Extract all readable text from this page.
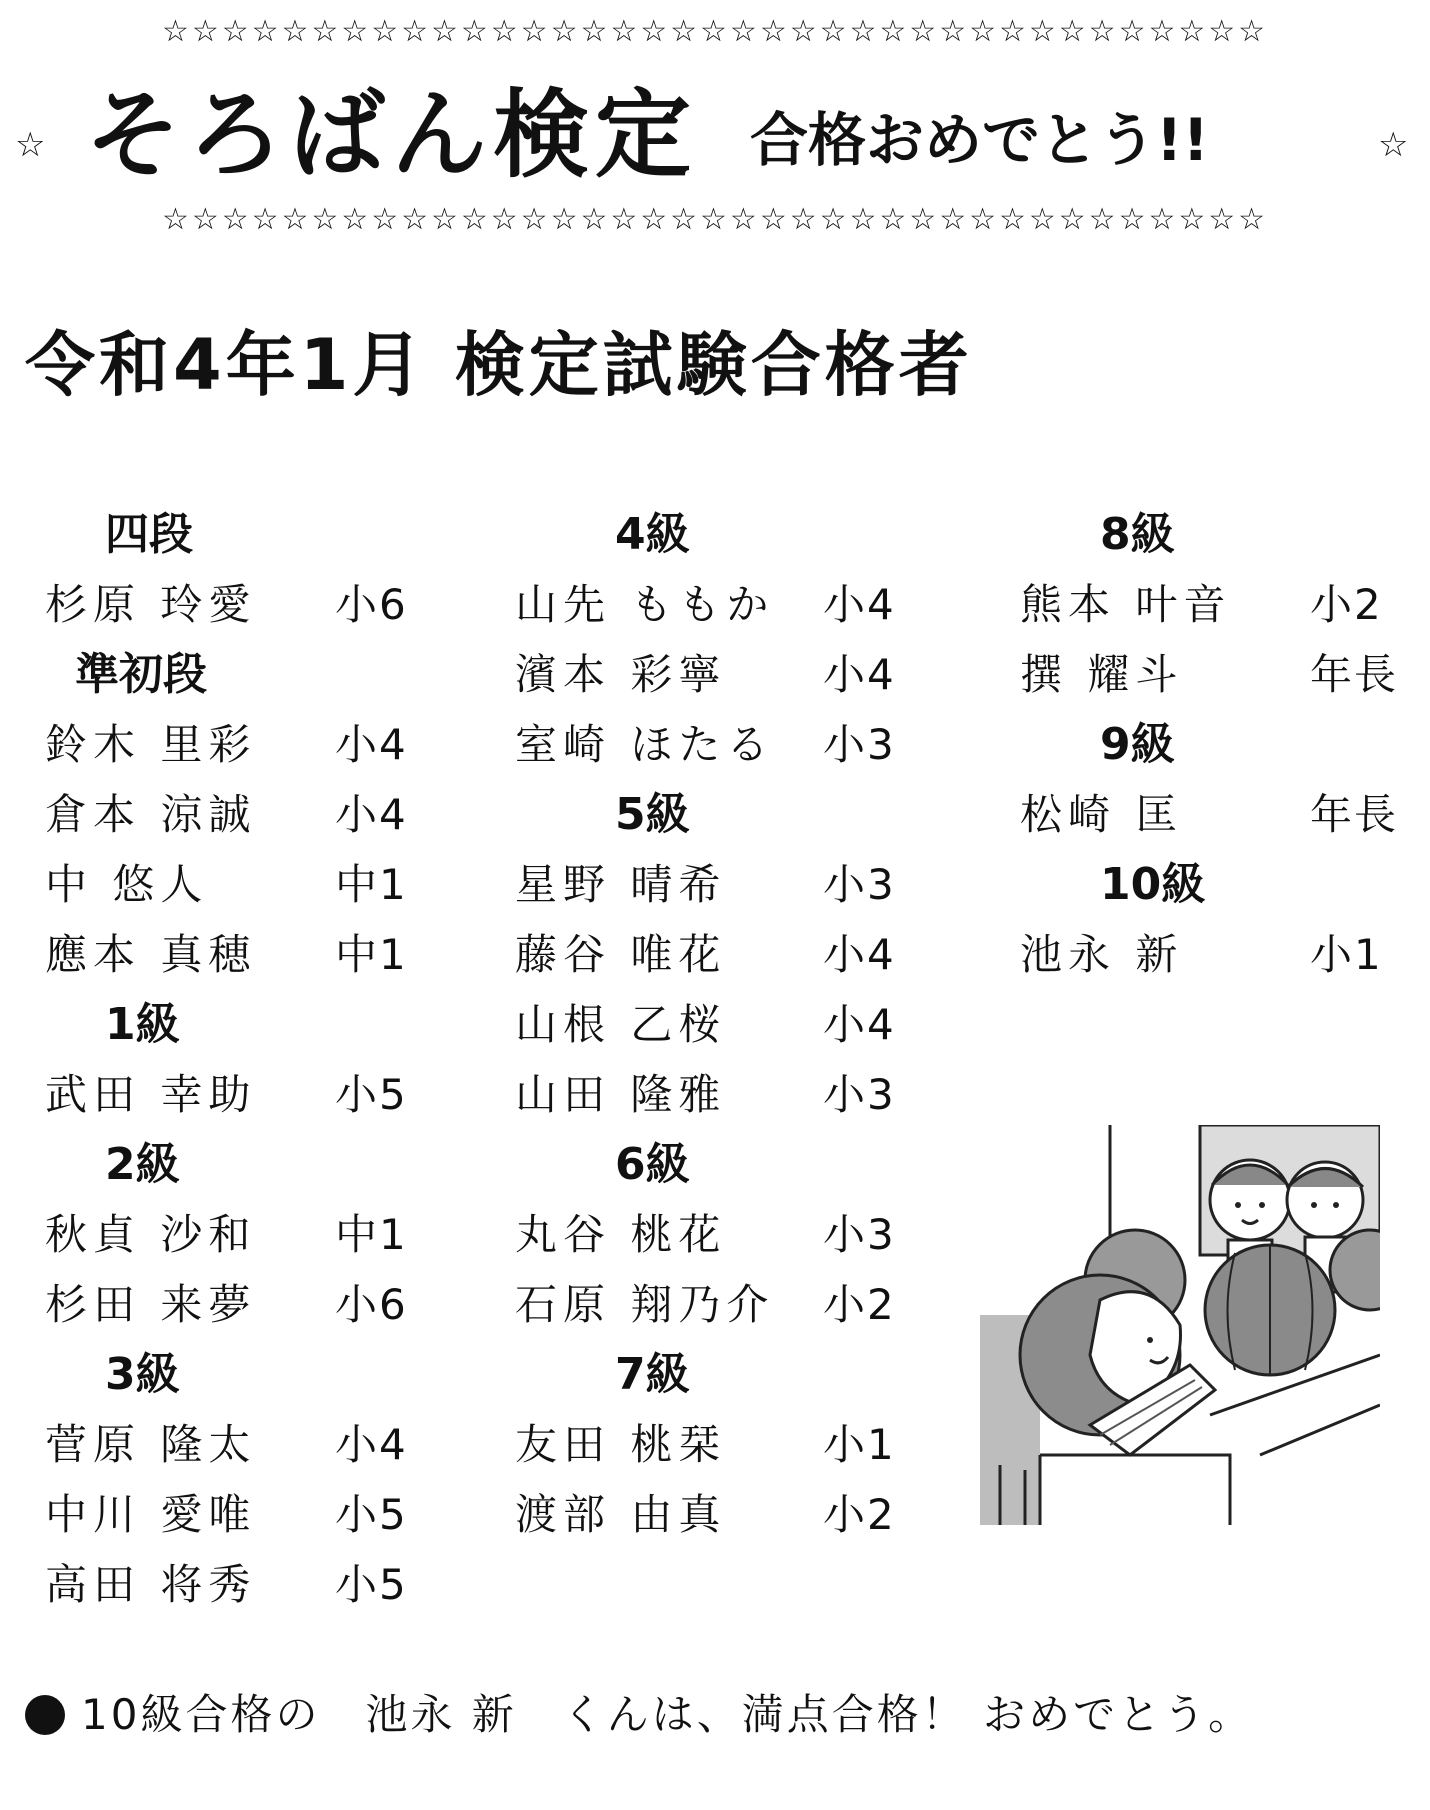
☆☆☆☆☆☆☆☆☆☆☆☆☆☆☆☆☆☆☆☆☆☆☆☆☆☆☆☆☆☆☆☆☆☆☆☆☆
☆ そろばん検定 合格おめでとう!!	☆
☆☆☆☆☆☆☆☆☆☆☆☆☆☆☆☆☆☆☆☆☆☆☆☆☆☆☆☆☆☆☆☆☆☆☆☆☆
令和4年1月 検定試験合格者
四段
杉原 玲愛 小6
準初段
鈴木 里彩 小4
倉本 涼誠 小4
中 悠人	中1
應本 真穂 中1
1級
武田 幸助 小5
2級
秋貞 沙和 中1
杉田 来夢 小6
3級
菅原 隆太 小4
中川 愛唯 小5
高田 将秀 小5
4級
山先 ももか 小4
濱本 彩寧 小4
室崎 ほたる 小3
5級
星野 晴希 小3
藤谷 唯花 小4
山根 乙桜 小4
山田 隆雅 小3
6級
丸谷 桃花 小3
石原 翔乃介 小2
7級
友田 桃栞 小1
渡部 由真 小2
8級
熊本 叶音 小2
撰 耀斗	年長
9級
松崎 匡	年長
10級
池永 新	小1
10級合格の　池永 新　くんは、満点合格！ おめでとう。
